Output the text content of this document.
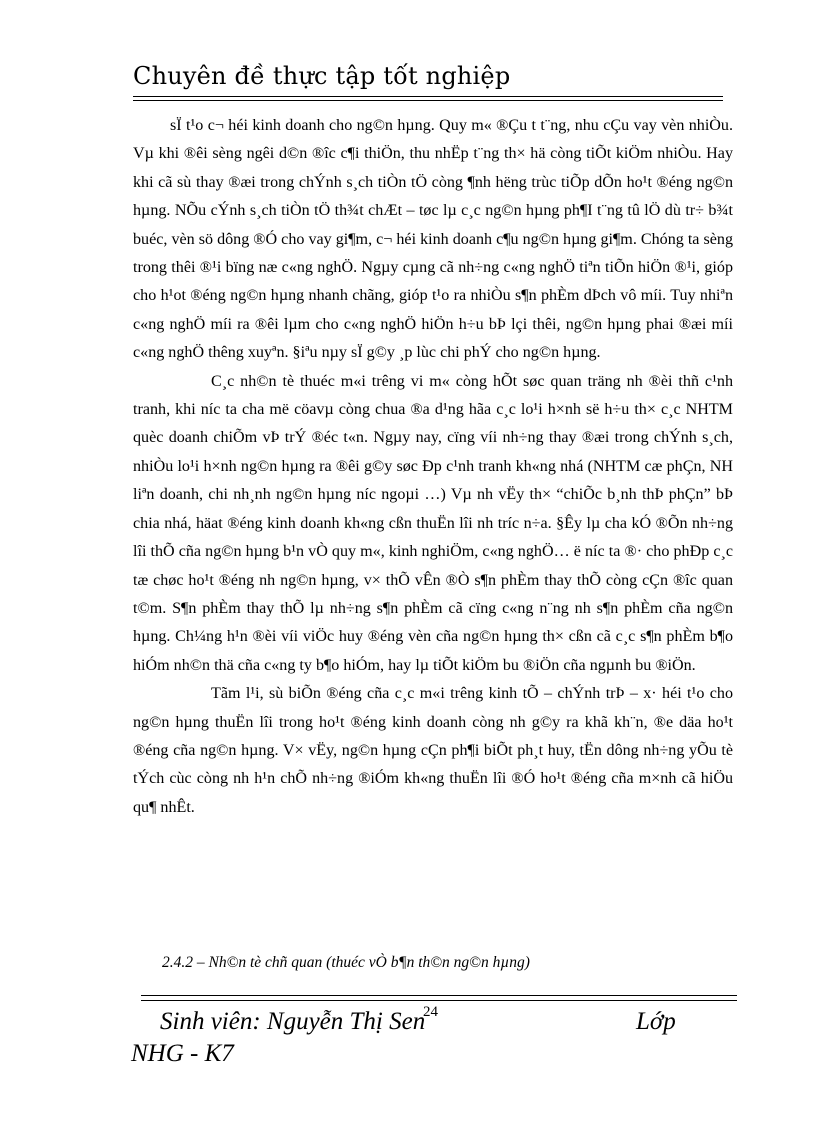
Chuyên đề thực tập tốt nghiệp

sÏ t¹o c¬ héi kinh doanh cho ng©n hµng. Quy m« ®Çu t t¨ng, nhu cÇu vay vèn nhiÒu. Vµ khi ®êi sèng ngêi d©n ®îc c¶i thiÖn, thu nhËp t¨ng th× hä còng tiÕt kiÖm nhiÒu. Hay khi cã sù thay ®æi trong chÝnh s¸ch tiÒn tÖ còng ¶nh hëng trùc tiÕp dÕn ho¹t ®éng ng©n hµng. NÕu cÝnh s¸ch tiÒn tÖ th¾t chÆt – tøc lµ c¸c ng©n hµng ph¶I t¨ng tû lÖ dù tr÷ b¾t buéc, vèn sö dông ®Ó cho vay gi¶m, c¬ héi kinh doanh c¶u ng©n hµng gi¶m. Chóng ta sèng trong thêi ®¹i bïng næ c«ng nghÖ. Ngµy cµng cã nh÷ng c«ng nghÖ tiªn tiÕn hiÖn ®¹i, gióp cho h¹ot ®éng ng©n hµng nhanh chãng, gióp t¹o ra nhiÒu s¶n phÈm dÞch vô míi. Tuy nhiªn c«ng nghÖ míi ra ®êi lµm cho c«ng nghÖ hiÖn h÷u bÞ lçi thêi, ng©n hµng phai ®æi míi c«ng nghÖ thêng xuyªn. §iªu nµy sÏ g©y ¸p lùc chi phÝ cho ng©n hµng.

C¸c nh©n tè thuéc m«i trêng vi m« còng hÕt søc quan träng nh ®èi thñ c¹nh tranh, khi níc ta cha më cöavµ còng chua ®a d¹ng hãa c¸c lo¹i h×nh së h÷u th× c¸c NHTM quèc doanh chiÕm vÞ trÝ ®éc t«n. Ngµy nay, cïng víi nh÷ng thay ®æi trong chÝnh s¸ch, nhiÒu lo¹i h×nh ng©n hµng ra ®êi g©y søc Ðp c¹nh tranh kh«ng nhá (NHTM cæ phÇn, NH liªn doanh, chi nh¸nh ng©n hµng níc ngoµi …) Vµ nh vËy th× “chiÕc b¸nh thÞ phÇn” bÞ chia nhá, häat ®éng kinh doanh kh«ng cßn thuËn lîi nh tríc n÷a. §Êy lµ cha kÓ ®Õn nh÷ng lîi thÕ cña ng©n hµng b¹n vÒ quy m«, kinh nghiÖm, c«ng nghÖ… ë níc ta ®· cho phÐp c¸c tæ chøc ho¹t ®éng nh ng©n hµng, v× thÕ vÊn ®Ò s¶n phÈm thay thÕ còng cÇn ®îc quan t©m. S¶n phÈm thay thÕ lµ nh÷ng s¶n phÈm cã cïng c«ng n¨ng nh s¶n phÈm cña ng©n hµng. Ch¼ng h¹n ®èi víi viÖc huy ®éng vèn cña ng©n hµng th× cßn cã c¸c s¶n phÈm b¶o hiÓm nh©n thä cña c«ng ty b¶o hiÓm, hay lµ tiÕt kiÖm bu ®iÖn cña ngµnh bu ®iÖn.

Tãm l¹i, sù biÕn ®éng cña c¸c m«i trêng kinh tÕ – chÝnh trÞ – x· héi t¹o cho ng©n hµng thuËn lîi trong ho¹t ®éng kinh doanh còng nh g©y ra khã kh¨n, ®e däa ho¹t ®éng cña ng©n hµng. V× vËy, ng©n hµng cÇn ph¶i biÕt ph¸t huy, tËn dông nh÷ng yÕu tè tÝch cùc còng nh h¹n chÕ nh÷ng ®iÓm kh«ng thuËn lîi ®Ó ho¹t ®éng cña m×nh cã hiÖu qu¶ nhÊt.

2.4.2 – Nh©n tè chñ quan (thuéc vÒ b¶n th©n ng©n hµng)
Sinh viên: Nguyễn Thị Sen
24	Lớp
NHG - K7
